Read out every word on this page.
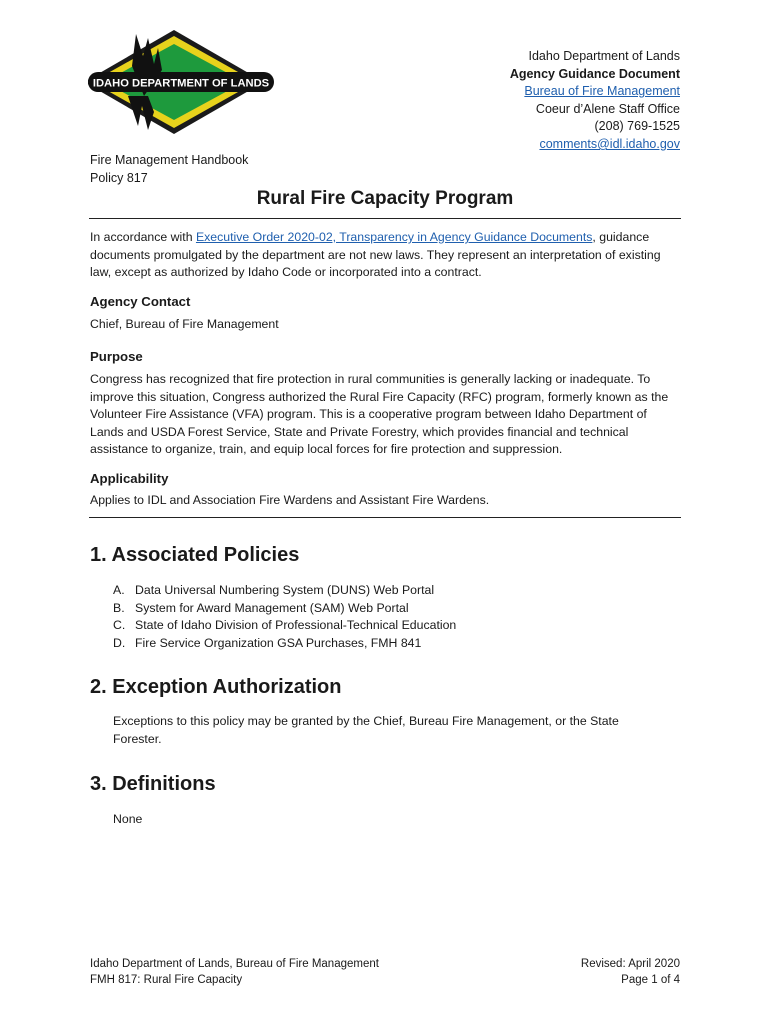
IDAHO DEPARTMENT OF LANDS
Idaho Department of Lands
Agency Guidance Document
Bureau of Fire Management
Coeur d’Alene Staff Office
(208) 769-1525
comments@idl.idaho.gov
Fire Management Handbook
Policy 817
Rural Fire Capacity Program
In accordance with Executive Order 2020-02, Transparency in Agency Guidance Documents, guidance documents promulgated by the department are not new laws. They represent an interpretation of existing law, except as authorized by Idaho Code or incorporated into a contract.
Agency Contact
Chief, Bureau of Fire Management
Purpose
Congress has recognized that fire protection in rural communities is generally lacking or inadequate. To improve this situation, Congress authorized the Rural Fire Capacity (RFC) program, formerly known as the Volunteer Fire Assistance (VFA) program. This is a cooperative program between Idaho Department of Lands and USDA Forest Service, State and Private Forestry, which provides financial and technical assistance to organize, train, and equip local forces for fire protection and suppression.
Applicability
Applies to IDL and Association Fire Wardens and Assistant Fire Wardens.
1. Associated Policies
A. Data Universal Numbering System (DUNS) Web Portal
B. System for Award Management (SAM) Web Portal
C. State of Idaho Division of Professional-Technical Education
D. Fire Service Organization GSA Purchases, FMH 841
2. Exception Authorization
Exceptions to this policy may be granted by the Chief, Bureau Fire Management, or the State Forester.
3. Definitions
None
Idaho Department of Lands, Bureau of Fire Management
FMH 817: Rural Fire Capacity
Revised: April 2020
Page 1 of 4
